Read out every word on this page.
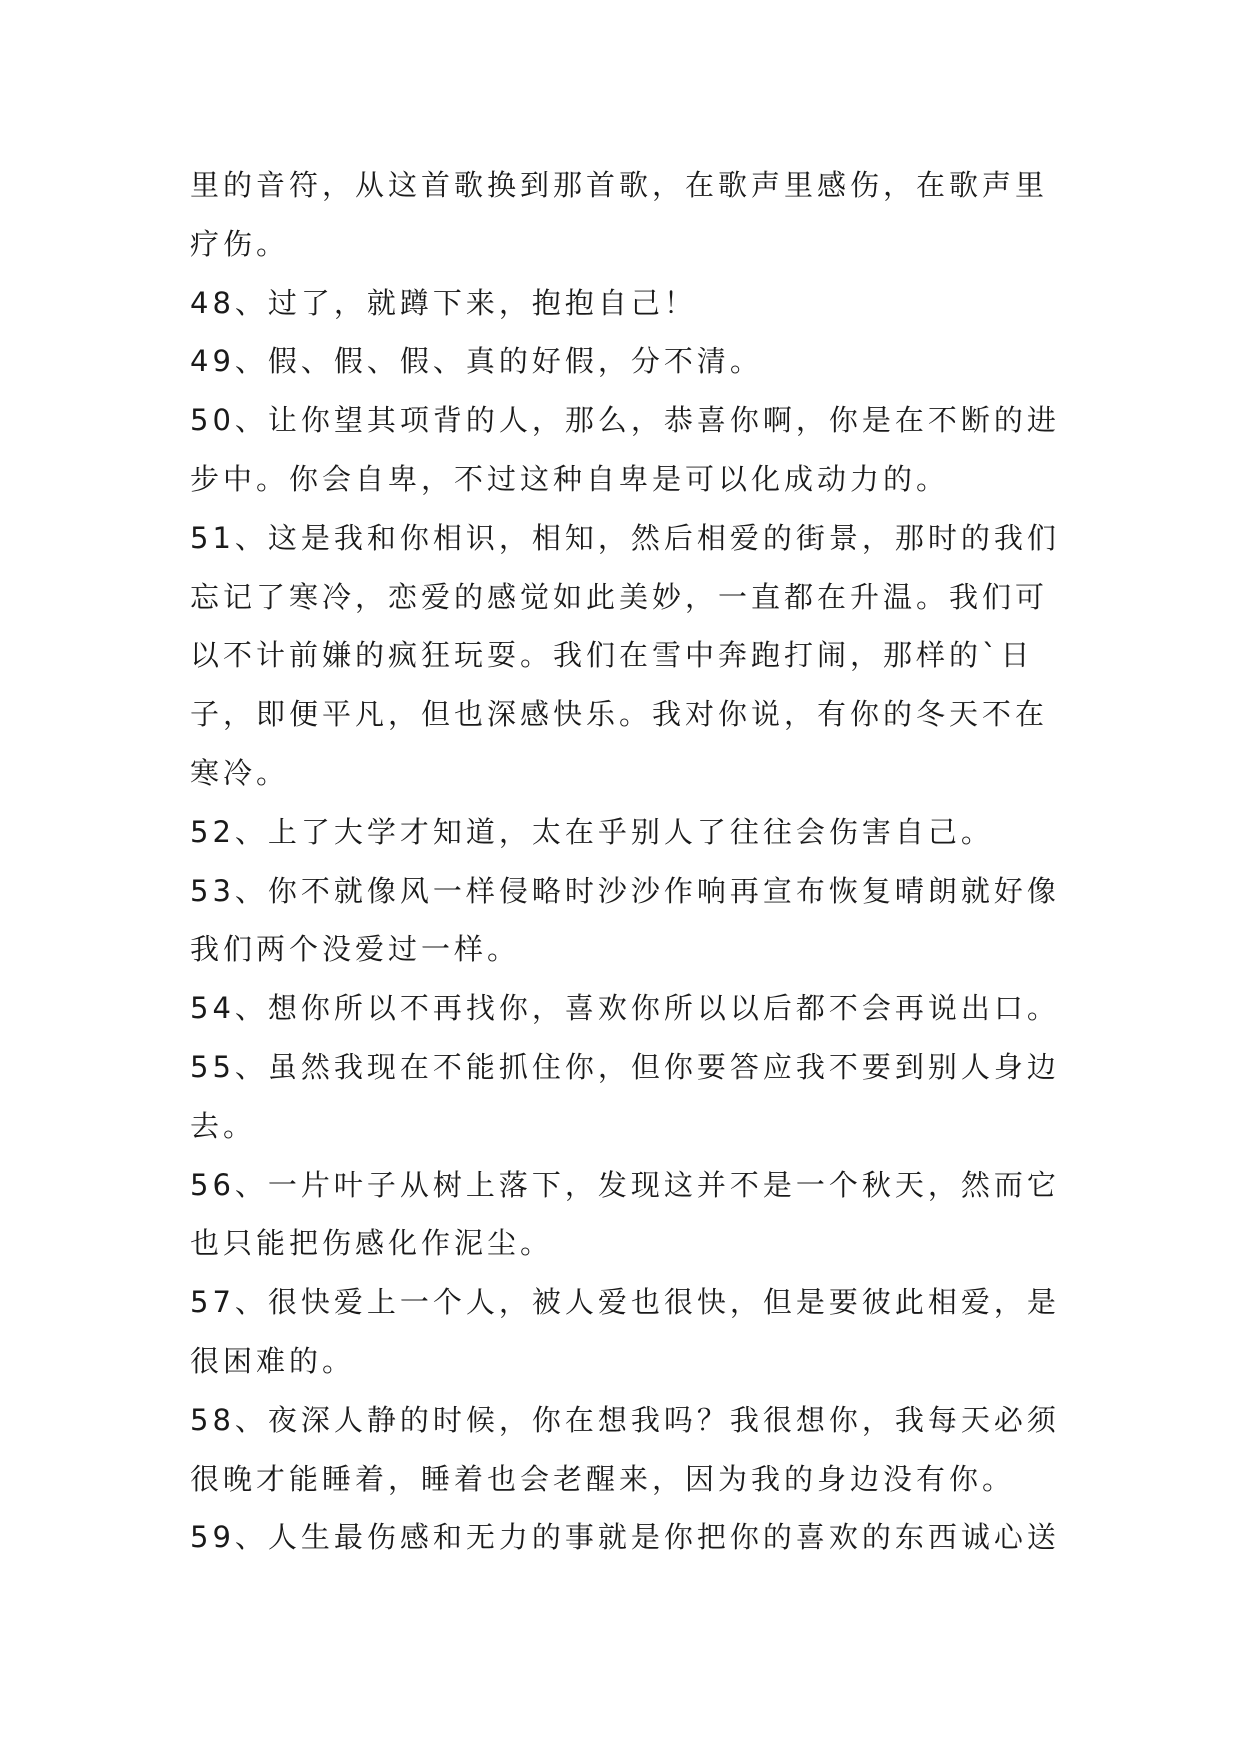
里的音符，从这首歌换到那首歌，在歌声里感伤，在歌声里
疗伤。
48、过了，就蹲下来，抱抱自己！
49、假、假、假、真的好假，分不清。
50、让你望其项背的人，那么，恭喜你啊，你是在不断的进
步中。你会自卑，不过这种自卑是可以化成动力的。
51、这是我和你相识，相知，然后相爱的街景，那时的我们
忘记了寒冷，恋爱的感觉如此美妙，一直都在升温。我们可
以不计前嫌的疯狂玩耍。我们在雪中奔跑打闹，那样的`日
子，即便平凡，但也深感快乐。我对你说，有你的冬天不在
寒冷。
52、上了大学才知道，太在乎别人了往往会伤害自己。
53、你不就像风一样侵略时沙沙作响再宣布恢复晴朗就好像
我们两个没爱过一样。
54、想你所以不再找你，喜欢你所以以后都不会再说出口。
55、虽然我现在不能抓住你，但你要答应我不要到别人身边
去。
56、一片叶子从树上落下，发现这并不是一个秋天，然而它
也只能把伤感化作泥尘。
57、很快爱上一个人，被人爱也很快，但是要彼此相爱，是
很困难的。
58、夜深人静的时候，你在想我吗？我很想你，我每天必须
很晚才能睡着，睡着也会老醒来，因为我的身边没有你。
59、人生最伤感和无力的事就是你把你的喜欢的东西诚心送
